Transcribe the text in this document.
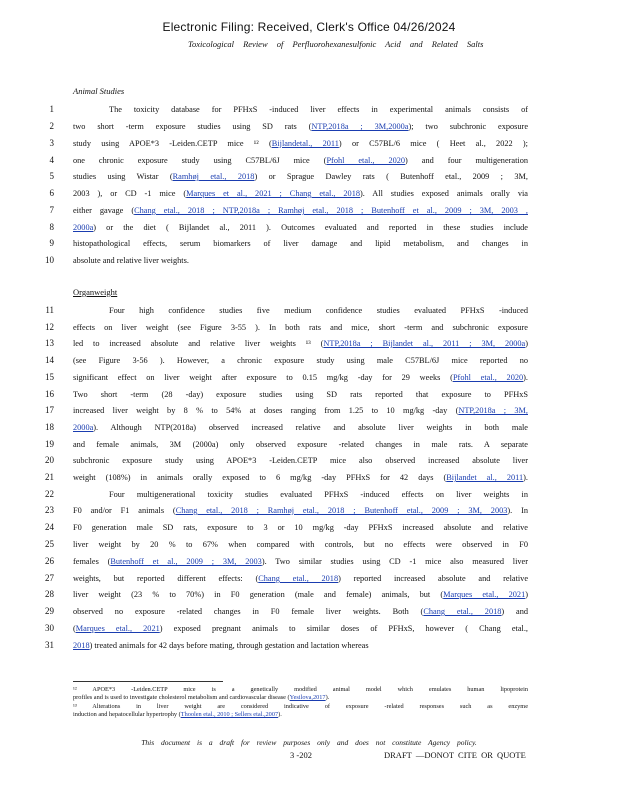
Electronic Filing: Received, Clerk's Office 04/26/2024
Toxicological Review of Perfluorohexanesulfonic Acid and Related Salts
Animal Studies
Organweight
1	The toxicity database for PFHxS -induced liver effects in experimental animals consists of
2 two short -term exposure studies using SD rats (NTP,2018a ; 3M,2000a); two subchronic exposure
3 study using APOE*3 -Leiden.CETP mice ¹² (Bijlandetal., 2011) or C57BL/6 mice ( Heet al., 2022 );
4 one chronic exposure study using C57BL/6J mice (Pfohl etal., 2020) and four multigeneration
5 studies using Wistar (Ramhøj etal., 2018) or Sprague Dawley rats ( Butenhoff etal., 2009 ; 3M,
6 2003 ), or CD -1 mice (Marques et al., 2021 ; Chang etal., 2018). All studies exposed animals orally via
7 either gavage (Chang etal., 2018 ; NTP,2018a ; Ramhøj etal., 2018 ; Butenhoff et al., 2009 ; 3M, 2003 ,
8 2000a) or the diet ( Bijlandet al., 2011 ). Outcomes evaluated and reported in these studies include
9 histopathological effects, serum biomarkers of liver damage and lipid metabolism, and changes in
10 absolute and relative liver weights.
11	Four high confidence studies five medium confidence studies evaluated PFHxS -induced
12 effects on liver weight (see Figure 3-55 ). In both rats and mice, short -term and subchronic exposure
13 led to increased absolute and relative liver weights ¹³ (NTP,2018a ; Bijlandet al., 2011 ; 3M, 2000a)
14 (see Figure 3-56 ). However, a chronic exposure study using male C57BL/6J mice reported no
15 significant effect on liver weight after exposure to 0.15 mg/kg -day for 29 weeks (Pfohl etal., 2020).
16 Two short -term (28 -day) exposure studies using SD rats reported that exposure to PFHxS
17 increased liver weight by 8 % to 54% at doses ranging from 1.25 to 10 mg/kg -day (NTP,2018a ; 3M,
18 2000a). Although NTP(2018a) observed increased relative and absolute liver weights in both male
19 and female animals, 3M (2000a) only observed exposure -related changes in male rats. A separate
20 subchronic exposure study using APOE*3 -Leiden.CETP mice also observed increased absolute liver
21 weight (108%) in animals orally exposed to 6 mg/kg -day PFHxS for 42 days (Bijlandet al., 2011).
22	Four multigenerational toxicity studies evaluated PFHxS -induced effects on liver weights in
23 F0 and/or F1 animals (Chang etal., 2018 ; Ramhøj etal., 2018 ; Butenhoff etal., 2009 ; 3M, 2003). In
24 F0 generation male SD rats, exposure to 3 or 10 mg/kg -day PFHxS increased absolute and relative
25 liver weight by 20 % to 67% when compared with controls, but no effects were observed in F0
26 females (Butenhoff et al., 2009 ; 3M, 2003). Two similar studies using CD -1 mice also measured liver
27 weights, but reported different effects: (Chang etal., 2018) reported increased absolute and relative
28 liver weight (23 % to 70%) in F0 generation (male and female) animals, but (Marques etal., 2021)
29 observed no exposure -related changes in F0 female liver weights. Both (Chang etal., 2018) and
30 (Marques etal., 2021) exposed pregnant animals to similar doses of PFHxS, however ( Chang etal.,
31 2018) treated animals for 42 days before mating, through gestation and lactation whereas
¹² APOE*3 -Leiden.CETP mice is a genetically modified animal model which emulates human lipoprotein
profiles and is used to investigate cholesterol metabolism and cardiovascular disease (Yesilova,2017).
¹³ Alterations in liver weight are considered indicative of exposure -related responses such as enzyme
induction and hepatocellular hypertrophy (Thoolen etal., 2010 ; Sellers etal.,2007).
This document is a draft for review purposes only and does not constitute Agency policy.
3 -202	DRAFT —DONOT CITE OR QUOTE
